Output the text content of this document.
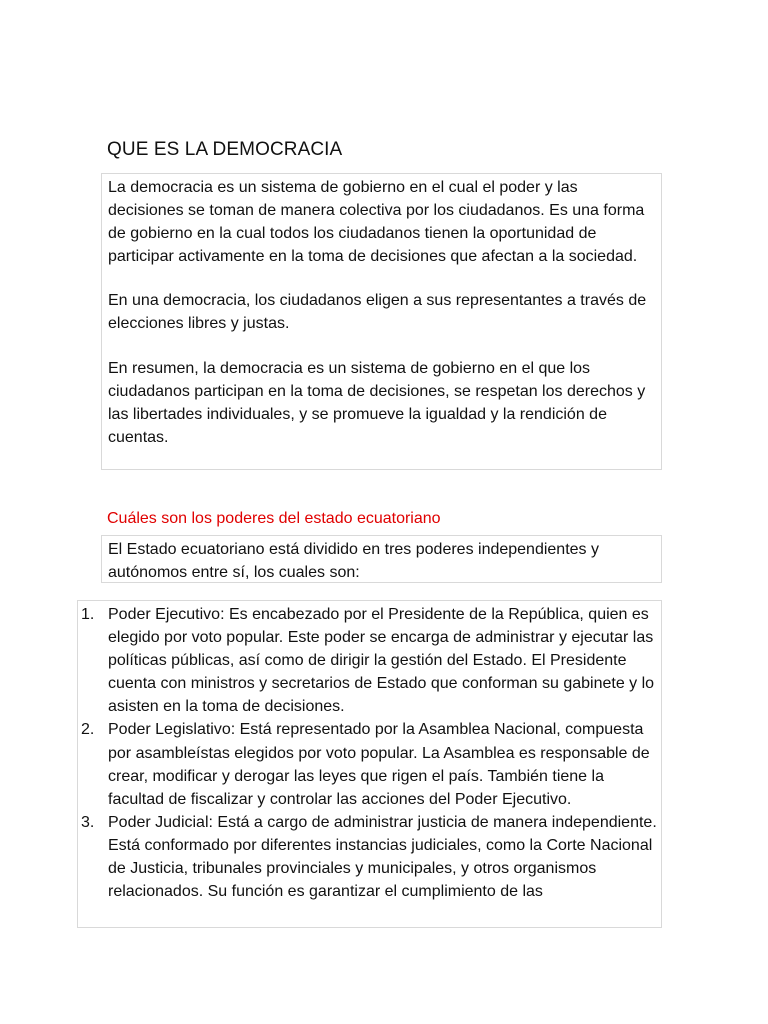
QUE ES LA DEMOCRACIA

La democracia es un sistema de gobierno en el cual el poder y las decisiones se toman de manera colectiva por los ciudadanos. Es una forma de gobierno en la cual todos los ciudadanos tienen la oportunidad de participar activamente en la toma de decisiones que afectan a la sociedad.

En una democracia, los ciudadanos eligen a sus representantes a través de elecciones libres y justas.

En resumen, la democracia es un sistema de gobierno en el que los ciudadanos participan en la toma de decisiones, se respetan los derechos y las libertades individuales, y se promueve la igualdad y la rendición de cuentas.

Cuáles son los poderes del estado ecuatoriano

El Estado ecuatoriano está dividido en tres poderes independientes y autónomos entre sí, los cuales son:

1. Poder Ejecutivo: Es encabezado por el Presidente de la República, quien es elegido por voto popular. Este poder se encarga de administrar y ejecutar las políticas públicas, así como de dirigir la gestión del Estado. El Presidente cuenta con ministros y secretarios de Estado que conforman su gabinete y lo asisten en la toma de decisiones.
2. Poder Legislativo: Está representado por la Asamblea Nacional, compuesta por asambleístas elegidos por voto popular. La Asamblea es responsable de crear, modificar y derogar las leyes que rigen el país. También tiene la facultad de fiscalizar y controlar las acciones del Poder Ejecutivo.
3. Poder Judicial: Está a cargo de administrar justicia de manera independiente. Está conformado por diferentes instancias judiciales, como la Corte Nacional de Justicia, tribunales provinciales y municipales, y otros organismos relacionados. Su función es garantizar el cumplimiento de las
